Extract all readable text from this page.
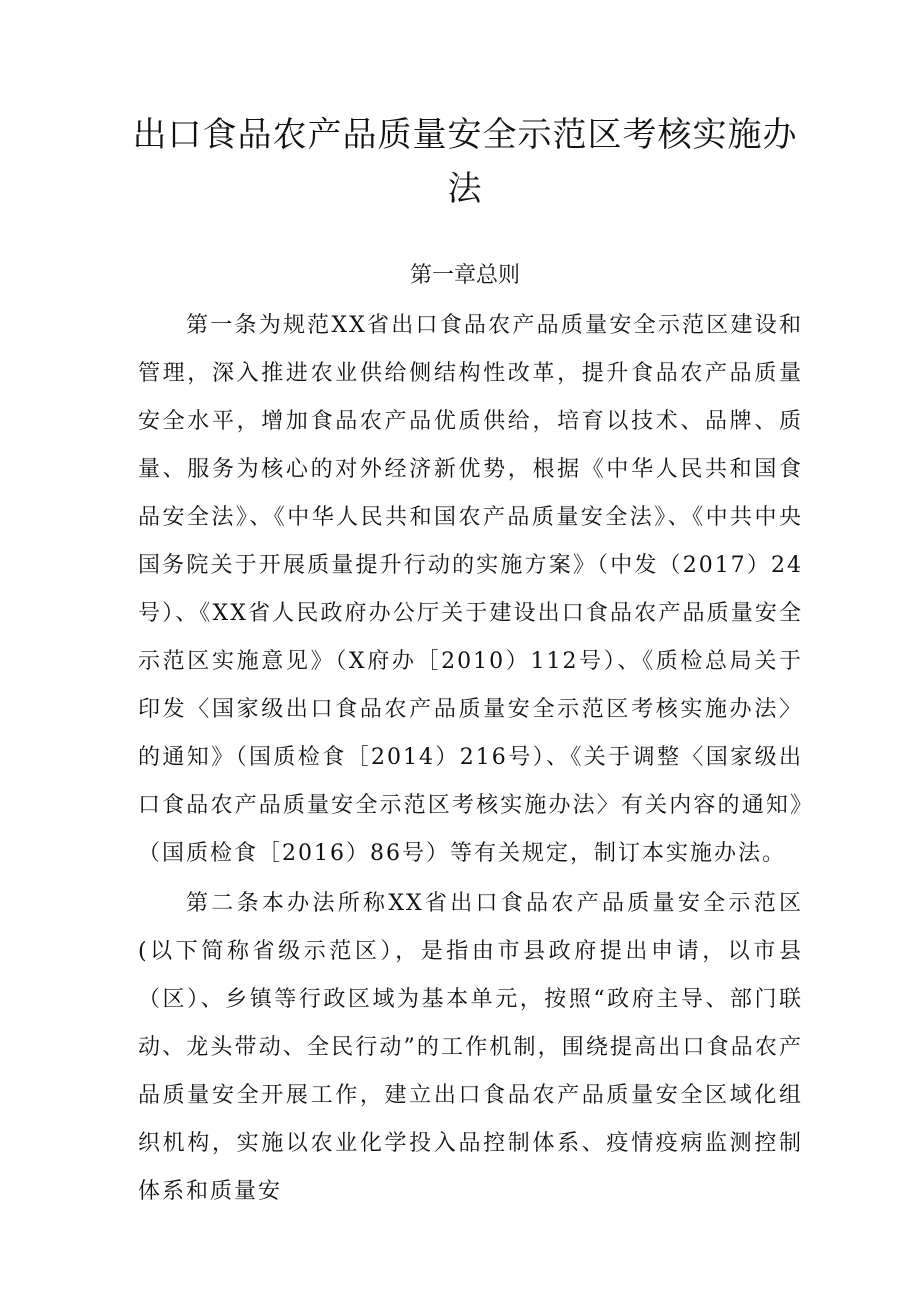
出口食品农产品质量安全示范区考核实施办法
第一章总则

第一条为规范XX省出口食品农产品质量安全示范区建设和管理，深入推进农业供给侧结构性改革，提升食品农产品质量安全水平，增加食品农产品优质供给，培育以技术、品牌、质量、服务为核心的对外经济新优势，根据《中华人民共和国食品安全法》、《中华人民共和国农产品质量安全法》、《中共中央国务院关于开展质量提升行动的实施方案》（中发（2017）24号）、《XX省人民政府办公厅关于建设出口食品农产品质量安全示范区实施意见》（X府办［2010）112号）、《质检总局关于印发〈国家级出口食品农产品质量安全示范区考核实施办法〉的通知》（国质检食［2014）216号）、《关于调整〈国家级出口食品农产品质量安全示范区考核实施办法〉有关内容的通知》（国质检食［2016）86号）等有关规定，制订本实施办法。

第二条本办法所称XX省出口食品农产品质量安全示范区(以下简称省级示范区），是指由市县政府提出申请，以市县（区）、乡镇等行政区域为基本单元，按照“政府主导、部门联动、龙头带动、全民行动”的工作机制，围绕提高出口食品农产品质量安全开展工作，建立出口食品农产品质量安全区域化组织机构，实施以农业化学投入品控制体系、疫情疫病监测控制体系和质量安
